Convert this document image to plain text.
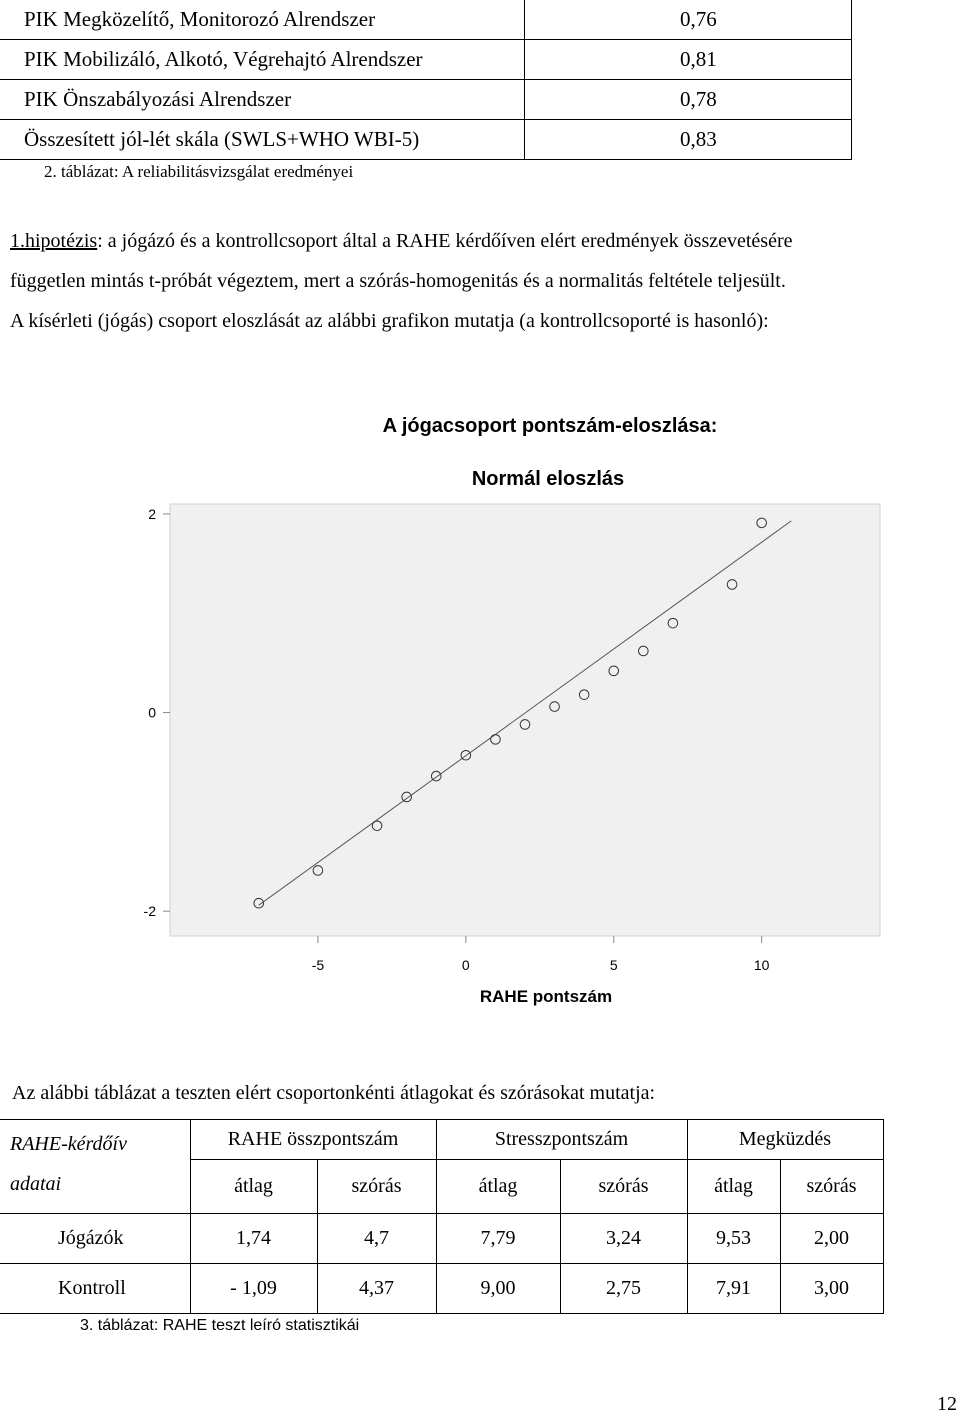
PIK Megközelítő, Monitorozó Alrendszer	0,76
PIK Mobilizáló, Alkotó, Végrehajtó Alrendszer	0,81
PIK Önszabályozási Alrendszer	0,78
Összesített jól-lét skála (SWLS+WHO WBI-5)	0,83
2. táblázat: A reliabilitásvizsgálat eredményei
1.hipotézis: a jógázó és a kontrollcsoport által a RAHE kérdőíven elért eredmények összevetésére
független mintás t-próbát végeztem, mert a szórás-homogenitás és a normalitás feltétele teljesült.
A kísérleti (jógás) csoport eloszlását az alábbi grafikon mutatja (a kontrollcsoporté is hasonló):
A jógacsoport pontszám-eloszlása:
Normál eloszlás
2
0
-2
-5	0	5	10
RAHE pontszám
Az alábbi táblázat a teszten elért csoportonkénti átlagokat és szórásokat mutatja:
RAHE-kérdőív
adatai	RAHE összpontszám		Stresszpontszám		Megküzdés	
	átlag	szórás	átlag	szórás	átlag	szórás
Jógázók	1,74	4,7	7,79	3,24	9,53	2,00
Kontroll	- 1,09	4,37	9,00	2,75	7,91	3,00
3. táblázat: RAHE teszt leíró statisztikái
12
